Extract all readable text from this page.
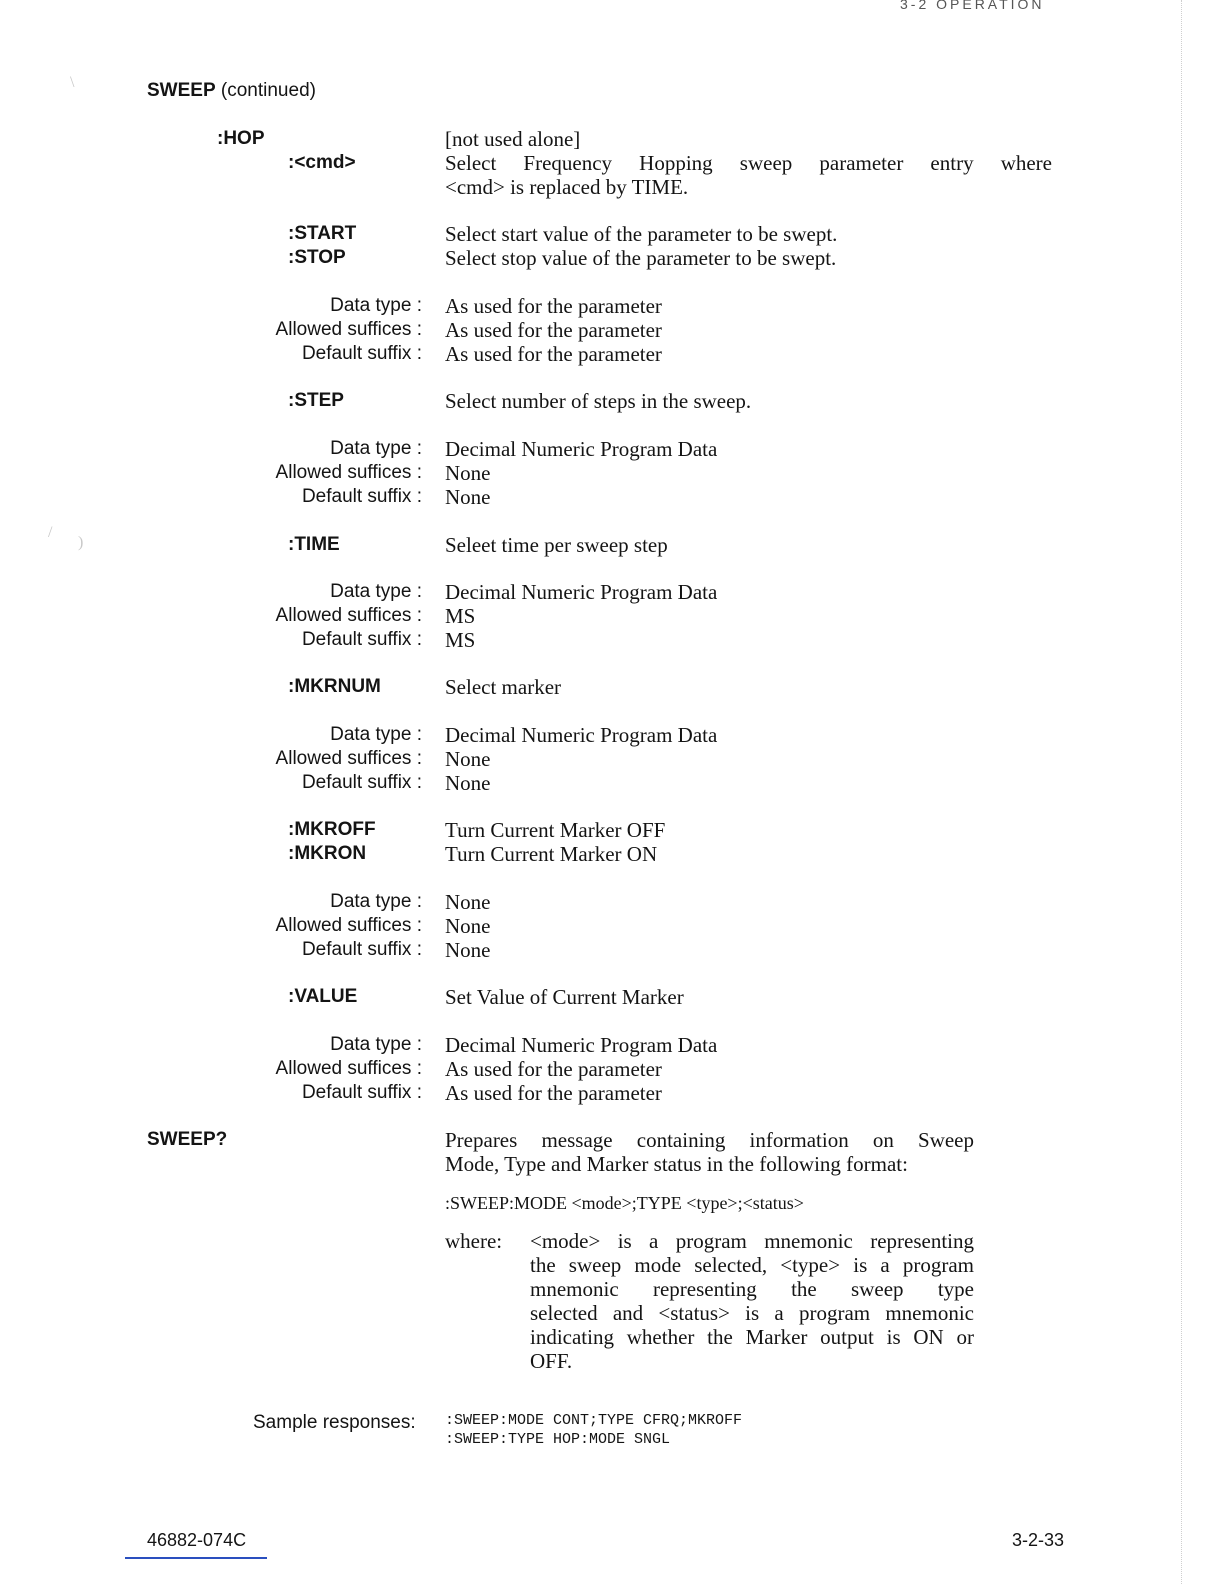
3-2 OPERATION
\
/
)
SWEEP (continued)
:HOP	[not used alone]
:<cmd>	Select Frequency Hopping sweep parameter entry where
<cmd> is replaced by TIME.
:START	Select start value of the parameter to be swept.
:STOP	Select stop value of the parameter to be swept.
Data type : As used for the parameter
Allowed suffices : As used for the parameter
Default suffix : As used for the parameter
:STEP	Select number of steps in the sweep.
Data type : Decimal Numeric Program Data
Allowed suffices : None
Default suffix : None
:TIME	Seleet time per sweep step
Data type : Decimal Numeric Program Data
Allowed suffices : MS
Default suffix : MS
:MKRNUM	Select marker
Data type : Decimal Numeric Program Data
Allowed suffices : None
Default suffix : None
:MKROFF	Turn Current Marker OFF
:MKRON	Turn Current Marker ON
Data type : None
Allowed suffices : None
Default suffix : None
:VALUE	Set Value of Current Marker
Data type : Decimal Numeric Program Data
Allowed suffices : As used for the parameter
Default suffix : As used for the parameter
SWEEP?	Prepares message containing information on Sweep
Mode, Type and Marker status in the following format:
:SWEEP:MODE <mode>;TYPE <type>;<status>
where: <mode> is a program mnemonic representing
the sweep mode selected, <type> is a program
mnemonic representing the sweep type
selected and <status> is a program mnemonic
indicating whether the Marker output is ON or
OFF.
Sample responses: :SWEEP:MODE CONT;TYPE CFRQ;MKROFF
:SWEEP:TYPE HOP:MODE SNGL
46882-074C	3-2-33
